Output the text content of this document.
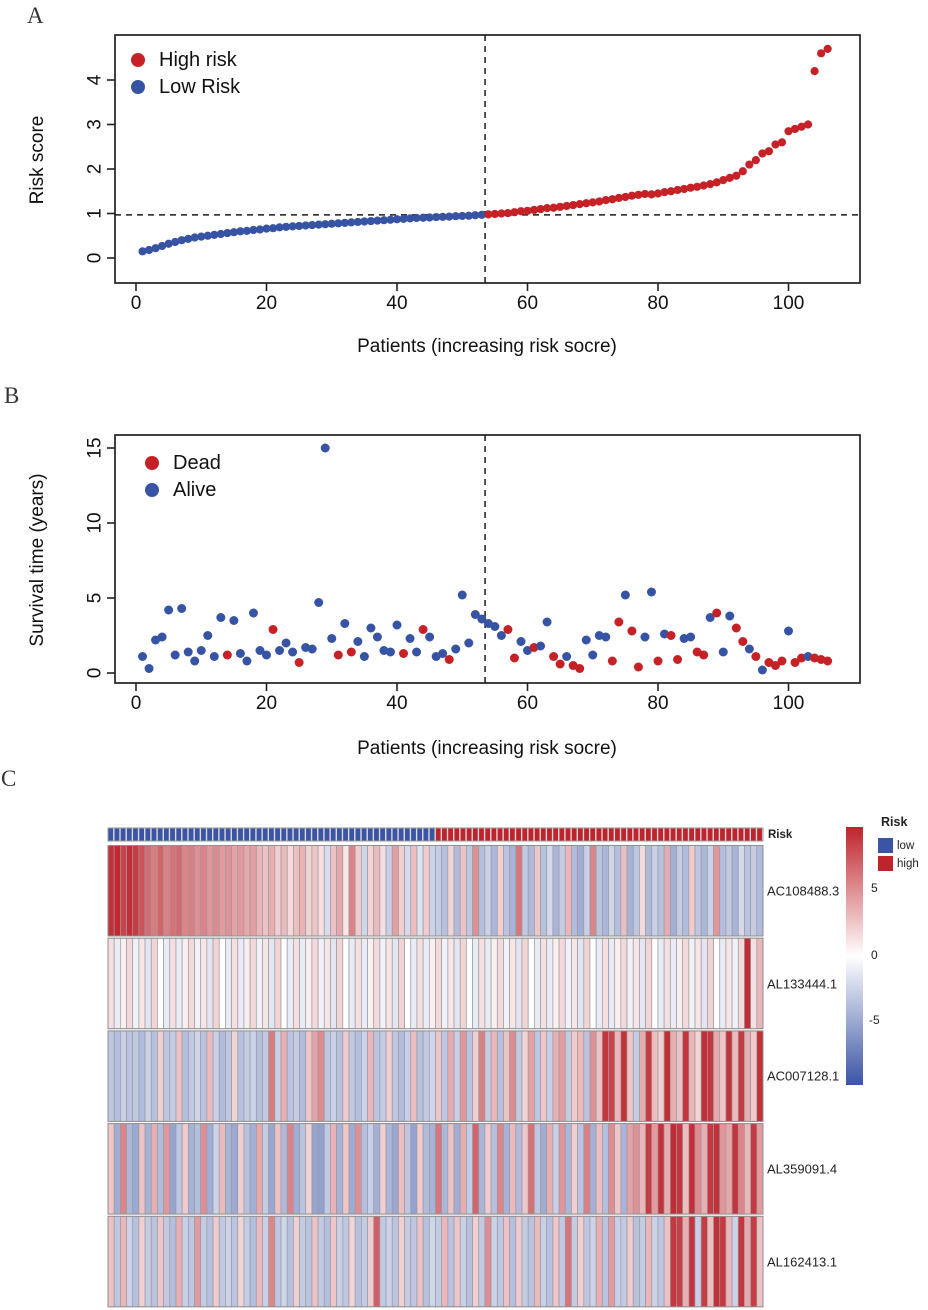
0	20	40	60	80	100
0
1
2
3
4
0	20	40	60	80	100
0
5
10
15
A
B
C
Risk score
Patients (increasing risk socre)
High risk
Low Risk
Survival time (years)
Patients (increasing risk socre)
Dead
Alive
Risk
AC108488.3
AL133444.1
AC007128.1
AL359091.4
AL162413.1
5
0
-5
Risk
low
high
